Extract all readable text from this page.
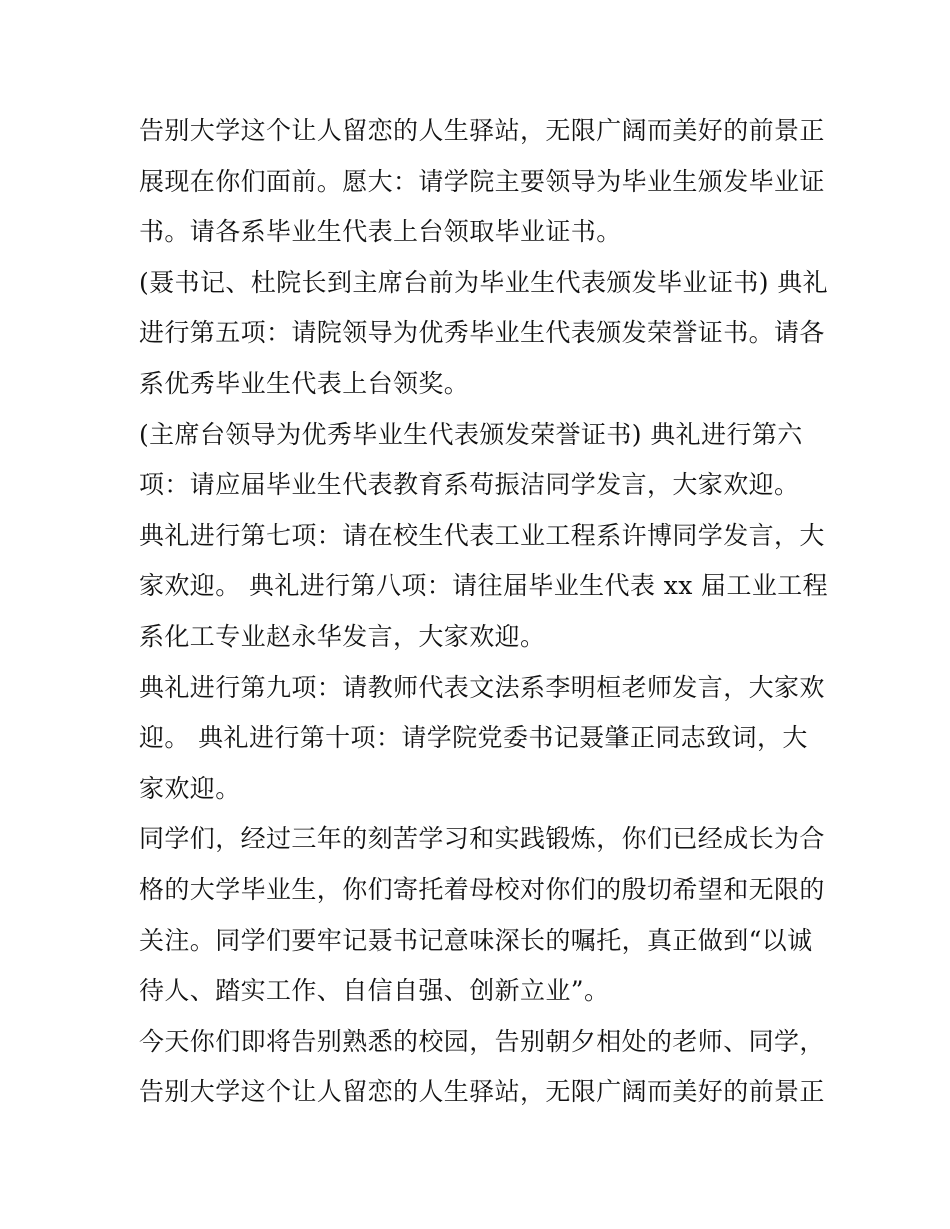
告别大学这个让人留恋的人生驿站，无限广阔而美好的前景正
展现在你们面前。愿大：请学院主要领导为毕业生颁发毕业证
书。请各系毕业生代表上台领取毕业证书。
(聂书记、杜院长到主席台前为毕业生代表颁发毕业证书) 典礼
进行第五项：请院领导为优秀毕业生代表颁发荣誉证书。请各
系优秀毕业生代表上台领奖。
(主席台领导为优秀毕业生代表颁发荣誉证书) 典礼进行第六
项：请应届毕业生代表教育系苟振洁同学发言，大家欢迎。
典礼进行第七项：请在校生代表工业工程系许博同学发言，大
家欢迎。 典礼进行第八项：请往届毕业生代表 xx 届工业工程
系化工专业赵永华发言，大家欢迎。
典礼进行第九项：请教师代表文法系李明桓老师发言，大家欢
迎。 典礼进行第十项：请学院党委书记聂肇正同志致词，大
家欢迎。
同学们，经过三年的刻苦学习和实践锻炼，你们已经成长为合
格的大学毕业生，你们寄托着母校对你们的殷切希望和无限的
关注。同学们要牢记聂书记意味深长的嘱托，真正做到“以诚
待人、踏实工作、自信自强、创新立业”。
今天你们即将告别熟悉的校园，告别朝夕相处的老师、同学，
告别大学这个让人留恋的人生驿站，无限广阔而美好的前景正
